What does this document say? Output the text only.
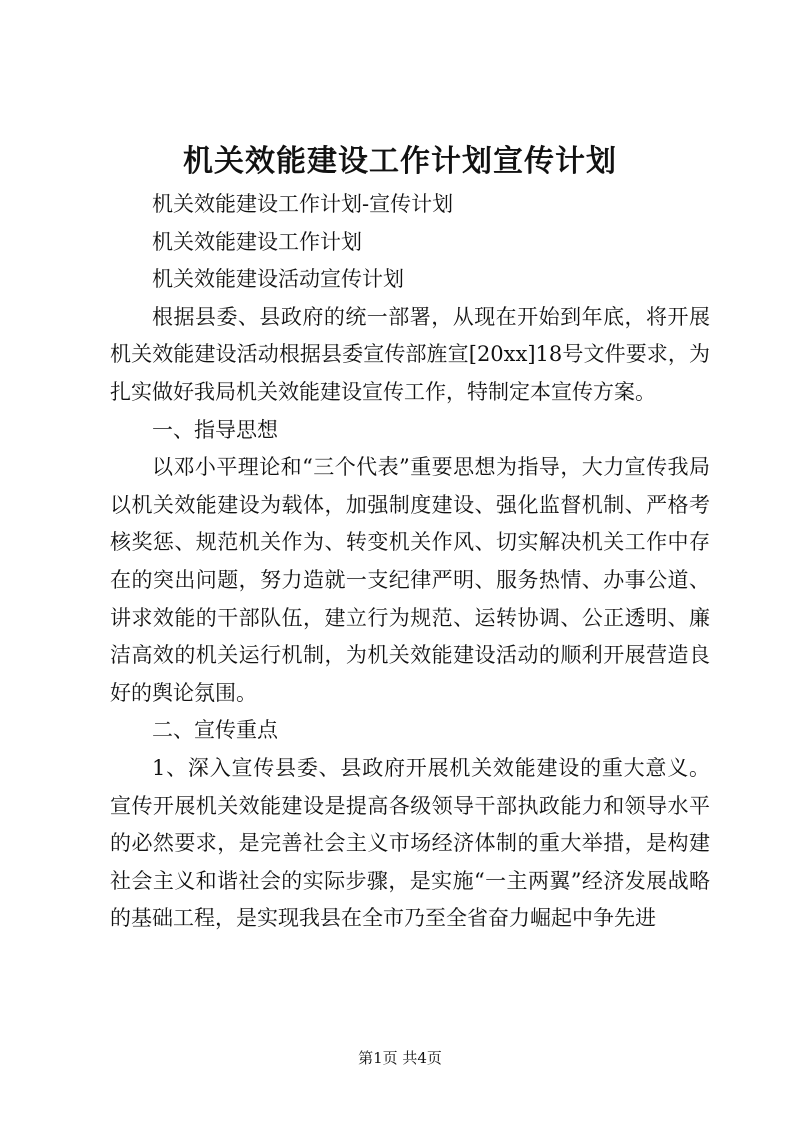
机关效能建设工作计划宣传计划

机关效能建设工作计划-宣传计划

机关效能建设工作计划

机关效能建设活动宣传计划

根据县委、县政府的统一部署，从现在开始到年底，将开展机关效能建设活动根据县委宣传部旌宣[20xx]18号文件要求，为扎实做好我局机关效能建设宣传工作，特制定本宣传方案。

一、指导思想

以邓小平理论和“三个代表”重要思想为指导，大力宣传我局以机关效能建设为载体，加强制度建设、强化监督机制、严格考核奖惩、规范机关作为、转变机关作风、切实解决机关工作中存在的突出问题，努力造就一支纪律严明、服务热情、办事公道、讲求效能的干部队伍，建立行为规范、运转协调、公正透明、廉洁高效的机关运行机制，为机关效能建设活动的顺利开展营造良好的舆论氛围。

二、宣传重点

1、深入宣传县委、县政府开展机关效能建设的重大意义。宣传开展机关效能建设是提高各级领导干部执政能力和领导水平的必然要求，是完善社会主义市场经济体制的重大举措，是构建社会主义和谐社会的实际步骤，是实施“一主两翼”经济发展战略的基础工程，是实现我县在全市乃至全省奋力崛起中争先进

第1页 共4页
